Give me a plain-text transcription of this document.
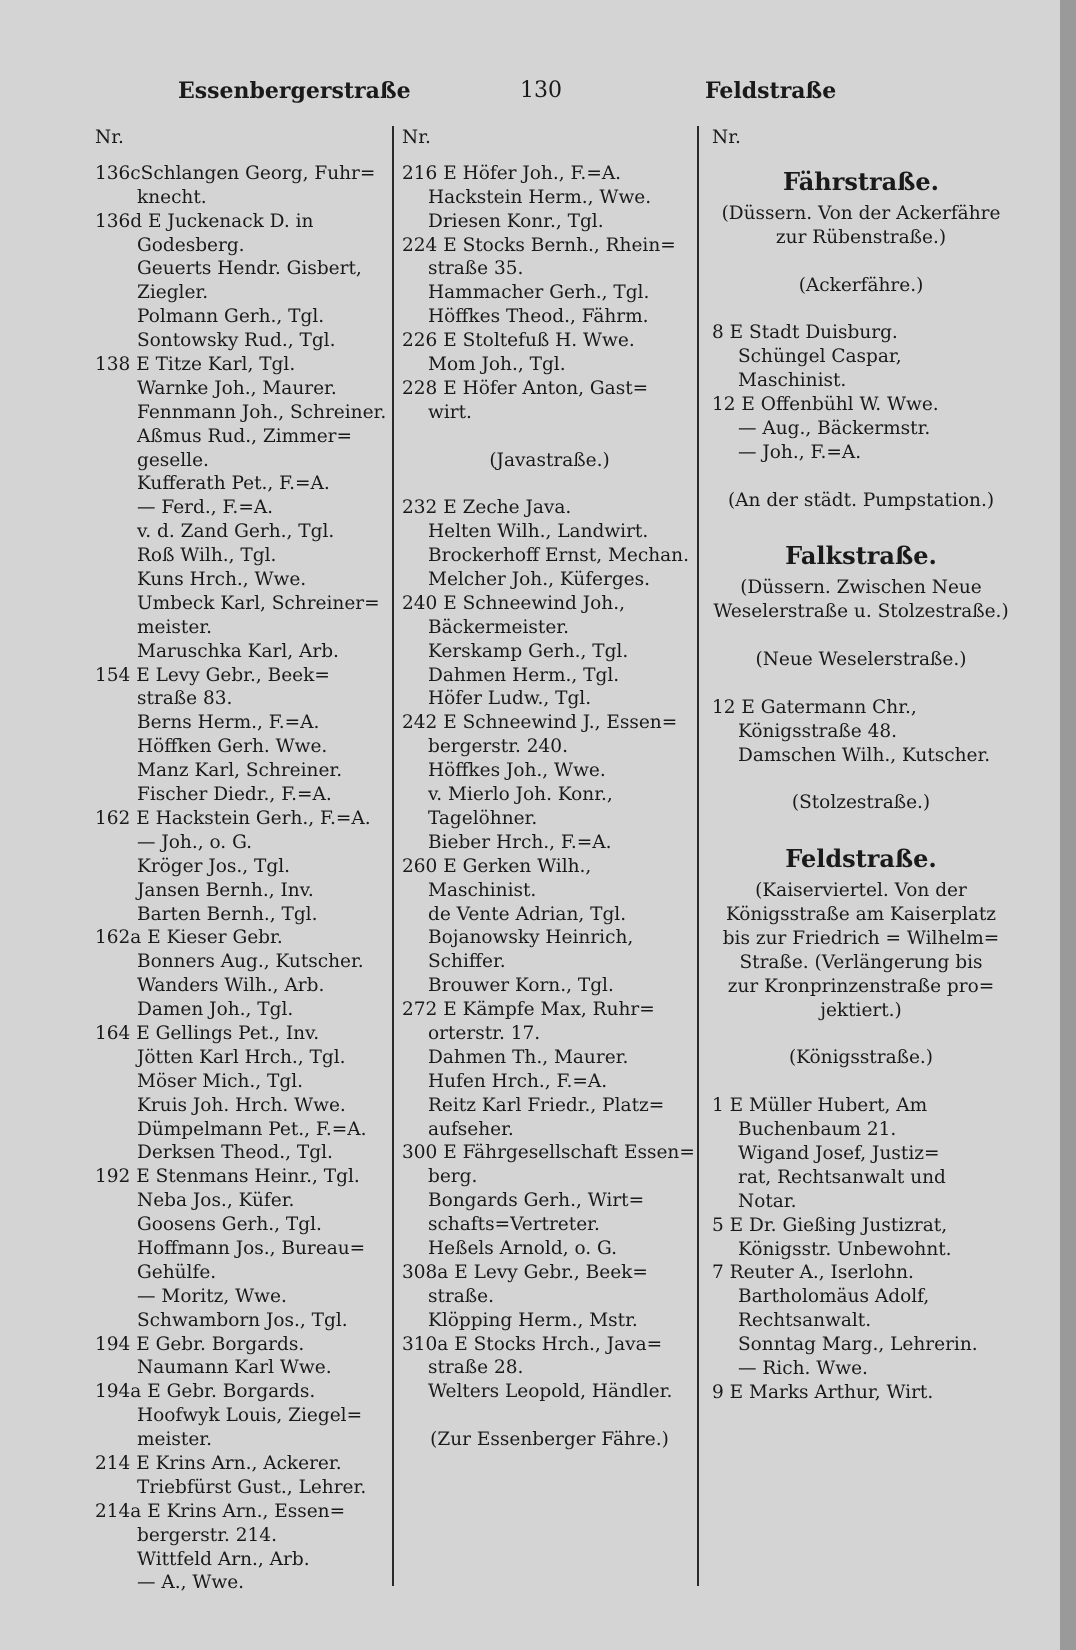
Essenbergerstraße	130	Feldstraße
Nr.
136cSchlangen Georg, Fuhr=
knecht.
136d E Juckenack D. in
Godesberg.
Geuerts Hendr. Gisbert,
Ziegler.
Polmann Gerh., Tgl.
Sontowsky Rud., Tgl.
138 E Titze Karl, Tgl.
Warnke Joh., Maurer.
Fennmann Joh., Schreiner.
Aßmus Rud., Zimmer=
geselle.
Kufferath Pet., F.=A.
— Ferd., F.=A.
v. d. Zand Gerh., Tgl.
Roß Wilh., Tgl.
Kuns Hrch., Wwe.
Umbeck Karl, Schreiner=
meister.
Maruschka Karl, Arb.
154 E Levy Gebr., Beek=
straße 83.
Berns Herm., F.=A.
Höffken Gerh. Wwe.
Manz Karl, Schreiner.
Fischer Diedr., F.=A.
162 E Hackstein Gerh., F.=A.
— Joh., o. G.
Kröger Jos., Tgl.
Jansen Bernh., Inv.
Barten Bernh., Tgl.
162a E Kieser Gebr.
Bonners Aug., Kutscher.
Wanders Wilh., Arb.
Damen Joh., Tgl.
164 E Gellings Pet., Inv.
Jötten Karl Hrch., Tgl.
Möser Mich., Tgl.
Kruis Joh. Hrch. Wwe.
Dümpelmann Pet., F.=A.
Derksen Theod., Tgl.
192 E Stenmans Heinr., Tgl.
Neba Jos., Küfer.
Goosens Gerh., Tgl.
Hoffmann Jos., Bureau=
Gehülfe.
— Moritz, Wwe.
Schwamborn Jos., Tgl.
194 E Gebr. Borgards.
Naumann Karl Wwe.
194a E Gebr. Borgards.
Hoofwyk Louis, Ziegel=
meister.
214 E Krins Arn., Ackerer.
Triebfürst Gust., Lehrer.
214a E Krins Arn., Essen=
bergerstr. 214.
Wittfeld Arn., Arb.
— A., Wwe.
Nr.
216 E Höfer Joh., F.=A.
Hackstein Herm., Wwe.
Driesen Konr., Tgl.
224 E Stocks Bernh., Rhein=
straße 35.
Hammacher Gerh., Tgl.
Höffkes Theod., Fährm.
226 E Stoltefuß H. Wwe.
Mom Joh., Tgl.
228 E Höfer Anton, Gast=
wirt.
(Javastraße.)
232 E Zeche Java.
Helten Wilh., Landwirt.
Brockerhoff Ernst, Mechan.
Melcher Joh., Küferges.
240 E Schneewind Joh.,
Bäckermeister.
Kerskamp Gerh., Tgl.
Dahmen Herm., Tgl.
Höfer Ludw., Tgl.
242 E Schneewind J., Essen=
bergerstr. 240.
Höffkes Joh., Wwe.
v. Mierlo Joh. Konr.,
Tagelöhner.
Bieber Hrch., F.=A.
260 E Gerken Wilh.,
Maschinist.
de Vente Adrian, Tgl.
Bojanowsky Heinrich,
Schiffer.
Brouwer Korn., Tgl.
272 E Kämpfe Max, Ruhr=
orterstr. 17.
Dahmen Th., Maurer.
Hufen Hrch., F.=A.
Reitz Karl Friedr., Platz=
aufseher.
300 E Fährgesellschaft Essen=
berg.
Bongards Gerh., Wirt=
schafts=Vertreter.
Heßels Arnold, o. G.
308a E Levy Gebr., Beek=
straße.
Klöpping Herm., Mstr.
310a E Stocks Hrch., Java=
straße 28.
Welters Leopold, Händler.
(Zur Essenberger Fähre.)
Nr.
Fährstraße.
(Düssern. Von der Ackerfähre
zur Rübenstraße.)
(Ackerfähre.)
8 E Stadt Duisburg.
Schüngel Caspar,
Maschinist.
12 E Offenbühl W. Wwe.
— Aug., Bäckermstr.
— Joh., F.=A.
(An der städt. Pumpstation.)
Falkstraße.
(Düssern. Zwischen Neue
Weselerstraße u. Stolzestraße.)
(Neue Weselerstraße.)
12 E Gatermann Chr.,
Königsstraße 48.
Damschen Wilh., Kutscher.
(Stolzestraße.)
Feldstraße.
(Kaiserviertel. Von der
Königsstraße am Kaiserplatz
bis zur Friedrich = Wilhelm=
Straße. (Verlängerung bis
zur Kronprinzenstraße pro=
jektiert.)
(Königsstraße.)
1 E Müller Hubert, Am
Buchenbaum 21.
Wigand Josef, Justiz=
rat, Rechtsanwalt und
Notar.
5 E Dr. Gießing Justizrat,
Königsstr. Unbewohnt.
7 Reuter A., Iserlohn.
Bartholomäus Adolf,
Rechtsanwalt.
Sonntag Marg., Lehrerin.
— Rich. Wwe.
9 E Marks Arthur, Wirt.
